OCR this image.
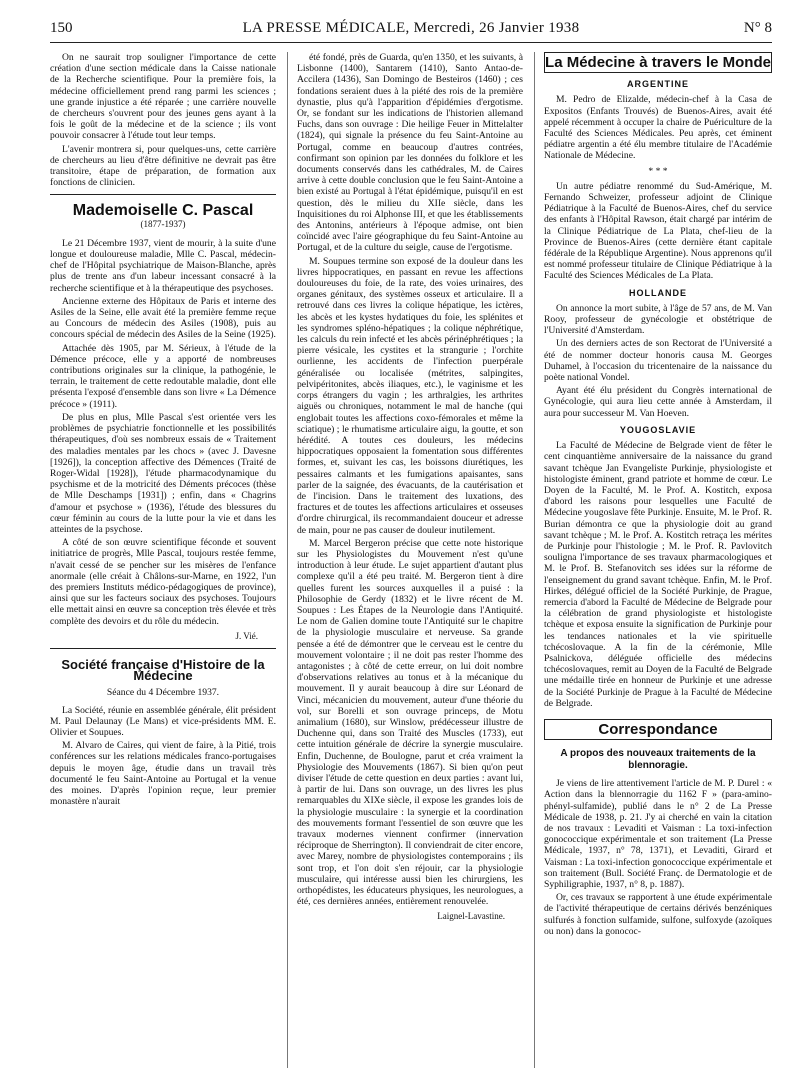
150	LA PRESSE MÉDICALE, Mercredi, 26 Janvier 1938	N° 8

On ne saurait trop souligner l'importance de cette création d'une section médicale dans la Caisse nationale de la Recherche scientifique. Pour la première fois, la médecine officiellement prend rang parmi les sciences ; une grande injustice a été réparée ; une carrière nouvelle de chercheurs s'ouvrent pour des jeunes gens ayant à la fois le goût de la médecine et de la science ; ils vont pouvoir consacrer à l'étude tout leur temps.

L'avenir montrera si, pour quelques-uns, cette carrière de chercheurs au lieu d'être définitive ne devrait pas être transitoire, étape de préparation, de formation aux fonctions de clinicien.

Mademoiselle C. Pascal
(1877-1937)

Le 21 Décembre 1937, vient de mourir, à la suite d'une longue et douloureuse maladie, Mlle C. Pascal, médecin-chef de l'Hôpital psychiatrique de Maison-Blanche, après plus de trente ans d'un labeur incessant consacré à la recherche scientifique et à la thérapeutique des psychoses.

Ancienne externe des Hôpitaux de Paris et interne des Asiles de la Seine, elle avait été la première femme reçue au Concours de médecin des Asiles (1908), puis au concours spécial de médecin des Asiles de la Seine (1925).

Attachée dès 1905, par M. Sérieux, à l'étude de la Démence précoce, elle y a apporté de nombreuses contributions originales sur la clinique, la pathogénie, le terrain, le traitement de cette redoutable maladie, dont elle présenta l'exposé d'ensemble dans son livre « La Démence précoce » (1911).

De plus en plus, Mlle Pascal s'est orientée vers les problèmes de psychiatrie fonctionnelle et les possibilités thérapeutiques, d'où ses nombreux essais de « Traitement des maladies mentales par les chocs » (avec J. Davesne [1926]), la conception affective des Démences (Traité de Roger-Widal [1928]), l'étude pharmacodynamique du psychisme et de la motricité des Déments précoces (thèse de Mlle Deschamps [1931]) ; enfin, dans « Chagrins d'amour et psychose » (1936), l'étude des blessures du cœur féminin au cours de la lutte pour la vie et dans les atteintes de la psychose.

A côté de son œuvre scientifique féconde et souvent initiatrice de progrès, Mlle Pascal, toujours restée femme, n'avait cessé de se pencher sur les misères de l'enfance anormale (elle créait à Châlons-sur-Marne, en 1922, l'un des premiers Instituts médico-pédagogiques de province), ainsi que sur les facteurs sociaux des psychoses. Toujours elle mettait ainsi en œuvre sa conception très élevée et très complète des devoirs et du rôle du médecin.

J. Vié.
Société française d'Histoire de la Médecine
Séance du 4 Décembre 1937.

La Société, réunie en assemblée générale, élit président M. Paul Delaunay (Le Mans) et vice-présidents MM. E. Olivier et Soupues.

M. Alvaro de Caires, qui vient de faire, à la Pitié, trois conférences sur les relations médicales franco-portugaises depuis le moyen âge, étudie dans un travail très documenté le feu Saint-Antoine au Portugal et la venue des moines. D'après l'opinion reçue, leur premier monastère n'aurait

été fondé, près de Guarda, qu'en 1350, et les suivants, à Lisbonne (1400), Santarem (1410), Santo Antao-de-Accilera (1436), San Domingo de Besteiros (1460) ; ces fondations seraient dues à la piété des rois de la première dynastie, plus qu'à l'apparition d'épidémies d'ergotisme. Or, se fondant sur les indications de l'historien allemand Fuchs, dans son ouvrage : Die heilige Feuer in Mittelalter (1824), qui signale la présence du feu Saint-Antoine au Portugal, comme en beaucoup d'autres contrées, confirmant son opinion par les données du folklore et les documents conservés dans les cathédrales, M. de Caires arrive à cette double conclusion que le feu Saint-Antoine a bien existé au Portugal à l'état épidémique, puisqu'il en est question, dès le milieu du XIIe siècle, dans les Inquisitiones du roi Alphonse III, et que les établissements des Antonins, antérieurs à l'époque admise, ont bien coïncidé avec l'aire géographique du feu Saint-Antoine au Portugal, et de la culture du seigle, cause de l'ergotisme.

M. Soupues termine son exposé de la douleur dans les livres hippocratiques, en passant en revue les affections douloureuses du foie, de la rate, des voies urinaires, des organes génitaux, des systèmes osseux et articulaire. Il a retrouvé dans ces livres la colique hépatique, les ictères, les abcès et les kystes hydatiques du foie, les splénites et les syndromes spléno-hépatiques ; la colique néphrétique, les calculs du rein infecté et les abcès périnéphrétiques ; la pierre vésicale, les cystites et la strangurie ; l'orchite ourlienne, les accidents de l'infection puerpérale généralisée ou localisée (métrites, salpingites, pelvipéritonites, abcès iliaques, etc.), le vaginisme et les corps étrangers du vagin ; les arthralgies, les arthrites aiguës ou chroniques, notamment le mal de hanche (qui englobait toutes les affections coxo-fémorales et même la sciatique) ; le rhumatisme articulaire aigu, la goutte, et son hérédité. A toutes ces douleurs, les médecins hippocratiques opposaient la fomentation sous différentes formes, et, suivant les cas, les boissons diurétiques, les pessaires calmants et les fumigations apaisantes, sans parler de la saignée, des évacuants, de la cautérisation et de l'incision. Dans le traitement des luxations, des fractures et de toutes les affections articulaires et osseuses d'ordre chirurgical, ils recommandaient douceur et adresse de main, pour ne pas causer de douleur inutilement.

M. Marcel Bergeron précise que cette note historique sur les Physiologistes du Mouvement n'est qu'une introduction à leur étude. Le sujet appartient d'autant plus complexe qu'il a été peu traité. M. Bergeron tient à dire quelles furent les sources auxquelles il a puisé : la Philosophie de Gerdy (1832) et le livre récent de M. Soupues : Les Étapes de la Neurologie dans l'Antiquité. Le nom de Galien domine toute l'Antiquité sur le chapitre de la physiologie musculaire et nerveuse. Sa grande pensée a été de démontrer que le cerveau est le centre du mouvement volontaire ; il ne doit pas rester l'homme des antagonistes ; à côté de cette erreur, on lui doit nombre d'observations relatives au tonus et à la mécanique du mouvement. Il y aurait beaucoup à dire sur Léonard de Vinci, mécanicien du mouvement, auteur d'une théorie du vol, sur Borelli et son ouvrage princeps, de Motu animalium (1680), sur Winslow, prédécesseur illustre de Duchenne qui, dans son Traité des Muscles (1733), eut cette intuition générale de décrire la synergie musculaire. Enfin, Duchenne, de Boulogne, parut et créa vraiment la Physiologie des Mouvements (1867). Si bien qu'on peut diviser l'étude de cette question en deux parties : avant lui, à partir de lui. Dans son ouvrage, un des livres les plus remarquables du XIXe siècle, il expose les grandes lois de la physiologie musculaire : la synergie et la coordination des mouvements formant l'essentiel de son œuvre que les travaux modernes viennent confirmer (innervation réciproque de Sherrington). Il conviendrait de citer encore, avec Marey, nombre de physiologistes contemporains ; ils sont trop, et l'on doit s'en réjouir, car la physiologie musculaire, qui intéresse aussi bien les chirurgiens, les orthopédistes, les éducateurs physiques, les neurologues, a été, ces dernières années, entièrement renouvelée.

Laignel-Lavastine.
La Médecine à travers le Monde
ARGENTINE

M. Pedro de Elizalde, médecin-chef à la Casa de Expositos (Enfants Trouvés) de Buenos-Aires, avait été appelé récemment à occuper la chaire de Puériculture de la Faculté des Sciences Médicales. Peu après, cet éminent pédiatre argentin a été élu membre titulaire de l'Académie Nationale de Médecine.

* * *

Un autre pédiatre renommé du Sud-Amérique, M. Fernando Schweizer, professeur adjoint de Clinique Pédiatrique à la Faculté de Buenos-Aires, chef du service des enfants à l'Hôpital Rawson, était chargé par intérim de la Clinique Pédiatrique de La Plata, chef-lieu de la Province de Buenos-Aires (cette dernière étant capitale fédérale de la République Argentine). Nous apprenons qu'il est nommé professeur titulaire de Clinique Pédiatrique à la Faculté des Sciences Médicales de La Plata.

HOLLANDE

On annonce la mort subite, à l'âge de 57 ans, de M. Van Rooy, professeur de gynécologie et obstétrique de l'Université d'Amsterdam.

Un des derniers actes de son Rectorat de l'Université a été de nommer docteur honoris causa M. Georges Duhamel, à l'occasion du tricentenaire de la naissance du poète national Vondel.

Ayant été élu président du Congrès international de Gynécologie, qui aura lieu cette année à Amsterdam, il aura pour successeur M. Van Hoeven.

YOUGOSLAVIE

La Faculté de Médecine de Belgrade vient de fêter le cent cinquantième anniversaire de la naissance du grand savant tchèque Jan Evangeliste Purkinje, physiologiste et histologiste éminent, grand patriote et homme de cœur. Le Doyen de la Faculté, M. le Prof. A. Kostitch, exposa d'abord les raisons pour lesquelles une Faculté de Médecine yougoslave fête Purkinje. Ensuite, M. le Prof. R. Burian démontra ce que la physiologie doit au grand savant tchèque ; M. le Prof. A. Kostitch retraça les mérites de Purkinje pour l'histologie ; M. le Prof. R. Pavlovitch souligna l'importance de ses travaux pharmacologiques et M. le Prof. B. Stefanovitch ses idées sur la réforme de l'enseignement du grand savant tchèque. Enfin, M. le Prof. Hirkes, délégué officiel de la Société Purkinje, de Prague, remercia d'abord la Faculté de Médecine de Belgrade pour la célébration de grand physiologiste et histologiste tchèque et exposa ensuite la signification de Purkinje pour les tendances nationales et la vie spirituelle tchécoslovaque. A la fin de la cérémonie, Mlle Psalnickova, déléguée officielle des médecins tchécoslovaques, remit au Doyen de la Faculté de Belgrade une médaille tirée en honneur de Purkinje et une adresse de la Société Purkinje de Prague à la Faculté de Médecine de Belgrade.

Correspondance
A propos des nouveaux traitements de la blennoragie.

Je viens de lire attentivement l'article de M. P. Durel : « Action dans la blennorragie du 1162 F » (para-amino-phényl-sulfamide), publié dans le n° 2 de La Presse Médicale de 1938, p. 21. J'y ai cherché en vain la citation de nos travaux : Levaditi et Vaisman : La toxi-infection gonococcique expérimentale et son traitement (La Presse Médicale, 1937, n° 78, 1371), et Levaditi, Girard et Vaisman : La toxi-infection gonococcique expérimentale et son traitement (Bull. Société Franç. de Dermatologie et de Syphiligraphie, 1937, n° 8, p. 1887).

Or, ces travaux se rapportent à une étude expérimentale de l'activité thérapeutique de certains dérivés benzéniques sulfurés à fonction sulfamide, sulfone, sulfoxyde (azoïques ou non) dans la gonococ-
